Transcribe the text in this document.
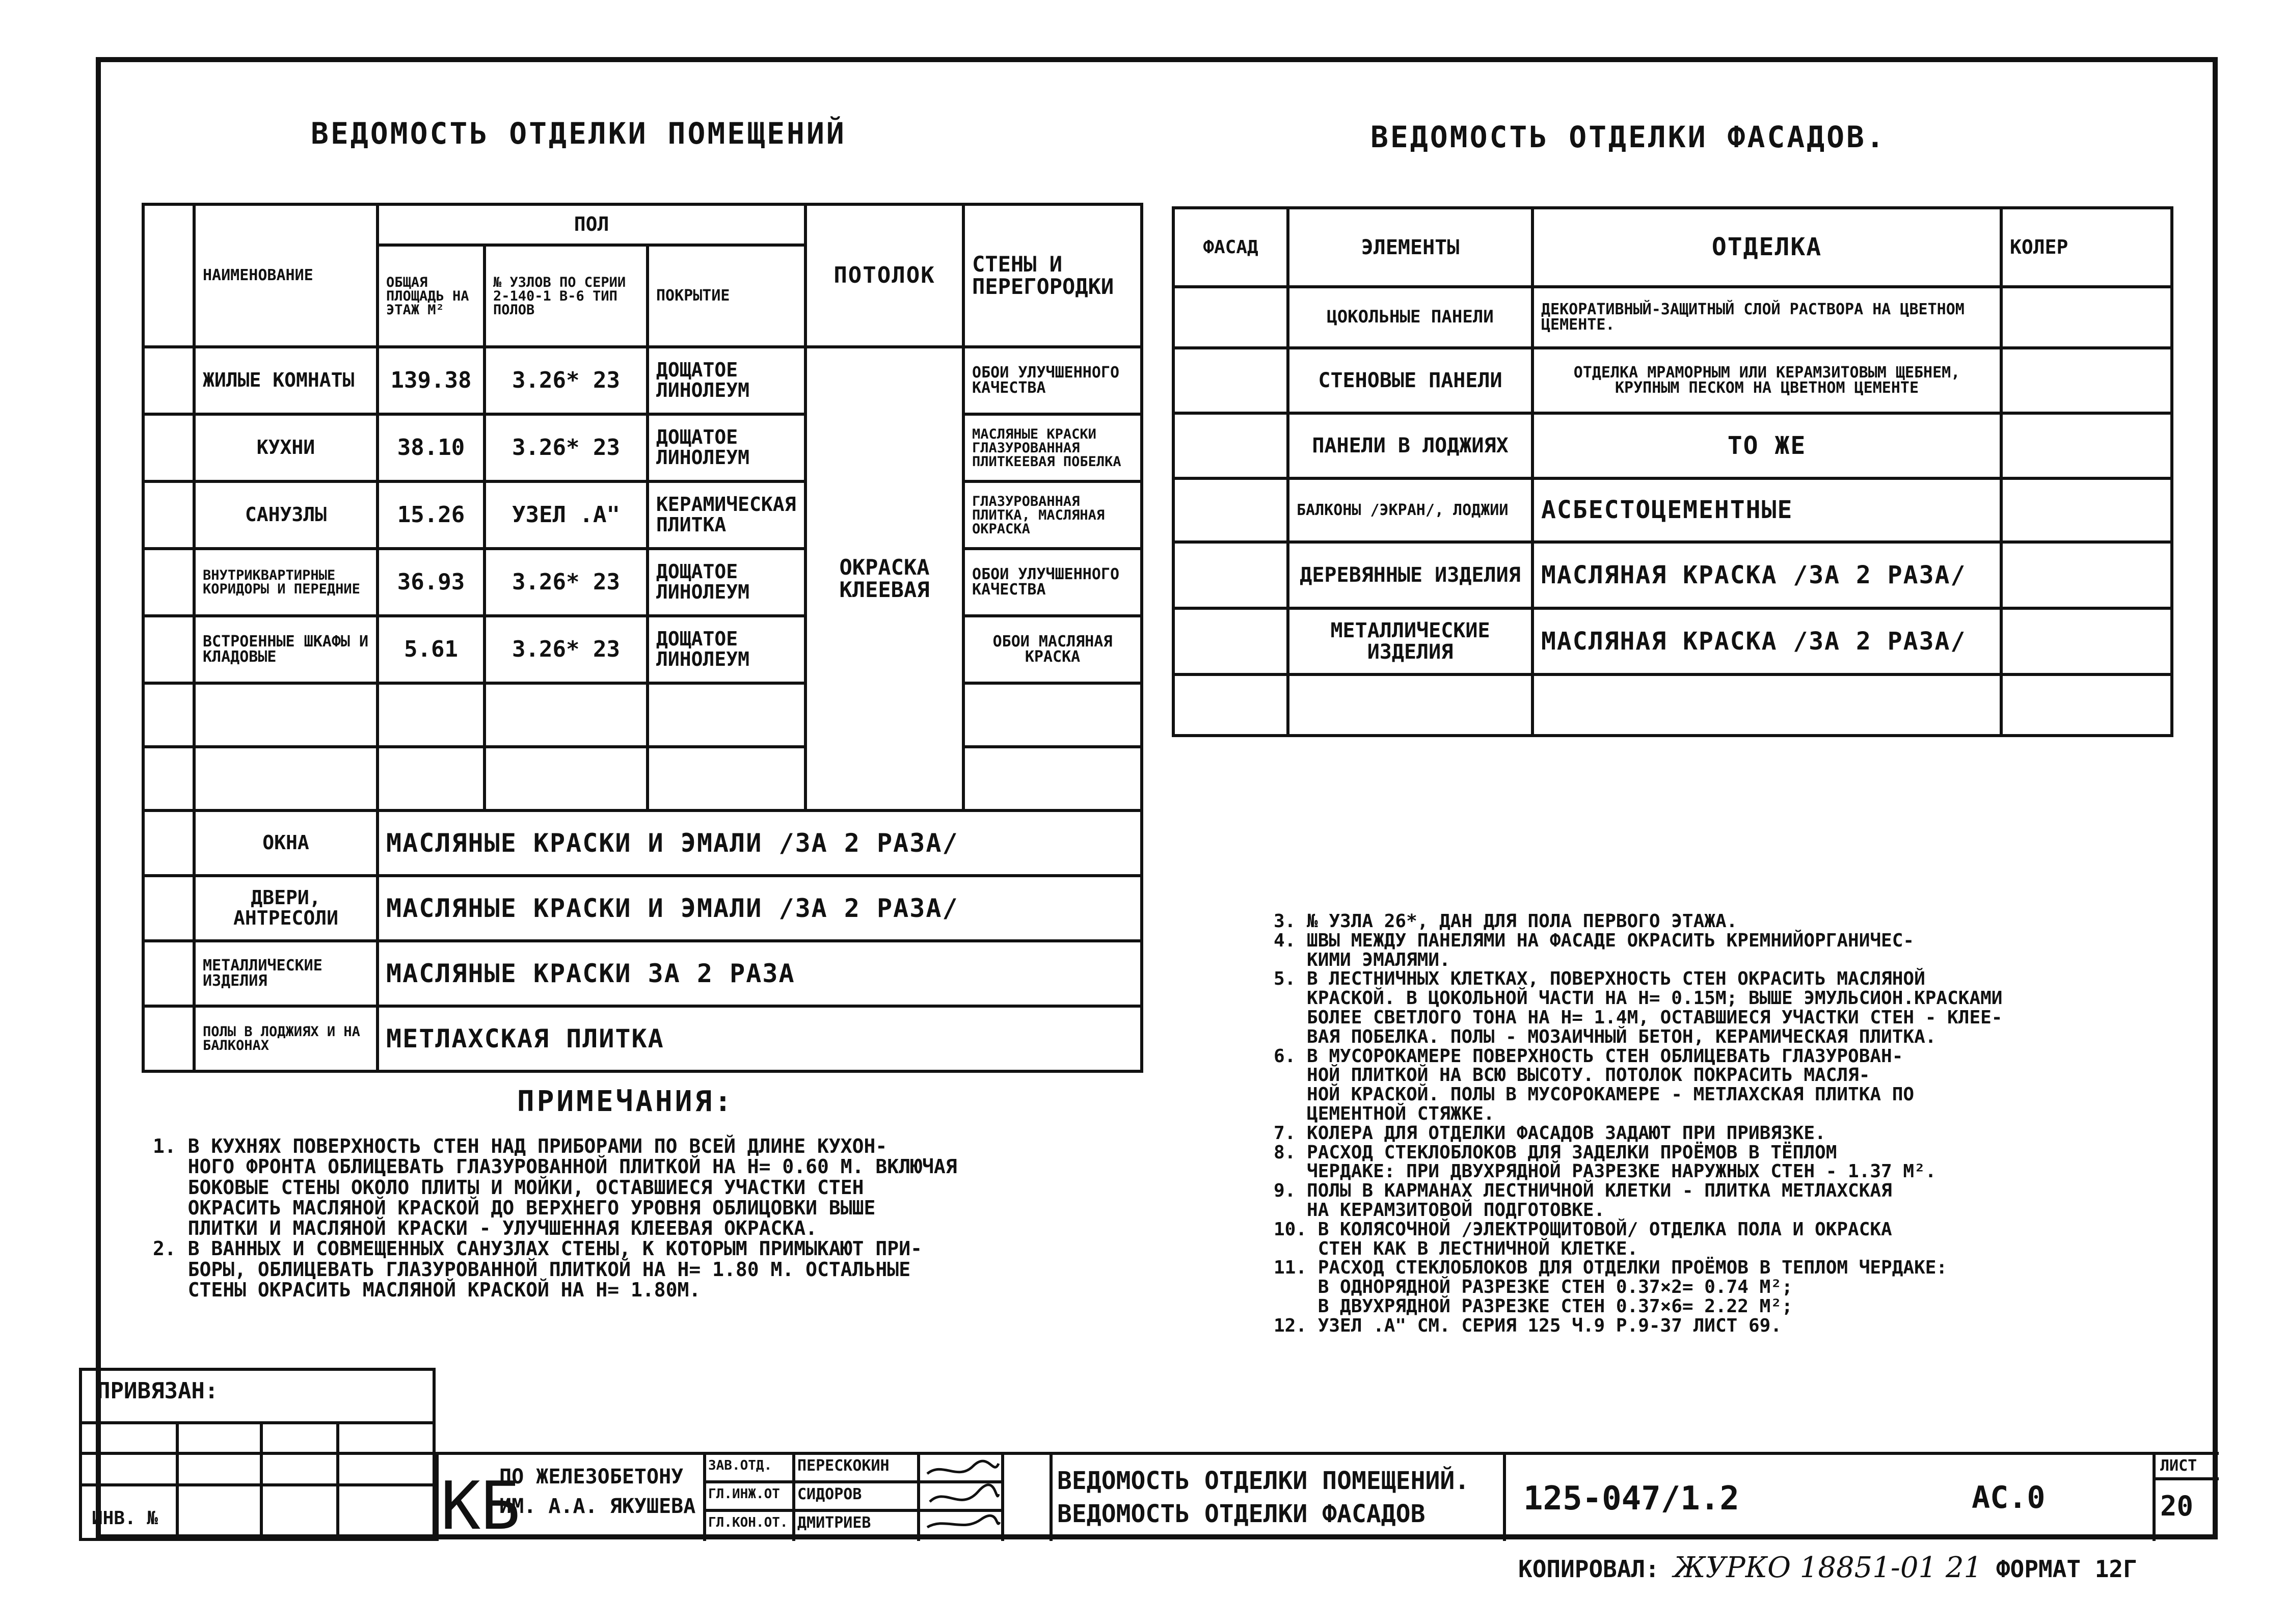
ВЕДОМОСТЬ ОТДЕЛКИ ПОМЕЩЕНИЙ	ВЕДОМОСТЬ ОТДЕЛКИ ФАСАДОВ.
	НАИМЕНОВАНИЕ	ПОЛ			ПОТОЛОК	СТЕНЫ И ПЕРЕГОРОДКИ
		ОБЩАЯ ПЛОЩАДЬ НА ЭТАЖ М²	№ УЗЛОВ ПО СЕРИИ 2-140-1 В-6 ТИП ПОЛОВ	ПОКРЫТИЕ		
	ЖИЛЫЕ КОМНАТЫ	139.38	3.26* 23	ДОЩАТОЕ ЛИНОЛЕУМ	ОКРАСКА КЛЕЕВАЯ	ОБОИ УЛУЧШЕННОГО КАЧЕСТВА
	КУХНИ	38.10	3.26* 23	ДОЩАТОЕ ЛИНОЛЕУМ		МАСЛЯНЫЕ КРАСКИ ГЛАЗУРОВАННАЯ ПЛИТКЕЕВАЯ ПОБЕЛКА
	САНУЗЛЫ	15.26	УЗЕЛ .А"	КЕРАМИЧЕСКАЯ ПЛИТКА		ГЛАЗУРОВАННАЯ ПЛИТКА, МАСЛЯНАЯ ОКРАСКА
	ВНУТРИКВАРТИРНЫЕ КОРИДОРЫ И ПЕРЕДНИЕ	36.93	3.26* 23	ДОЩАТОЕ ЛИНОЛЕУМ		ОБОИ УЛУЧШЕННОГО КАЧЕСТВА
	ВСТРОЕННЫЕ ШКАФЫ И КЛАДОВЫЕ	5.61	3.26* 23	ДОЩАТОЕ ЛИНОЛЕУМ		ОБОИ МАСЛЯНАЯ КРАСКА

	ОКНА	МАСЛЯНЫЕ КРАСКИ И ЭМАЛИ /ЗА 2 РАЗА/				
	ДВЕРИ, АНТРЕСОЛИ	МАСЛЯНЫЕ КРАСКИ И ЭМАЛИ /ЗА 2 РАЗА/				
	МЕТАЛЛИЧЕСКИЕ ИЗДЕЛИЯ	МАСЛЯНЫЕ КРАСКИ ЗА 2 РАЗА				
	ПОЛЫ В ЛОДЖИЯХ И НА БАЛКОНАХ	МЕТЛАХСКАЯ ПЛИТКА				
ФАСАД	ЭЛЕМЕНТЫ	ОТДЕЛКА	КОЛЕР
	ЦОКОЛЬНЫЕ ПАНЕЛИ	ДЕКОРАТИВНЫЙ-ЗАЩИТНЫЙ СЛОЙ РАСТВОРА НА ЦВЕТНОМ ЦЕМЕНТЕ.	
	СТЕНОВЫЕ ПАНЕЛИ	ОТДЕЛКА МРАМОРНЫМ ИЛИ КЕРАМЗИТОВЫМ ЩЕБНЕМ, КРУПНЫМ ПЕСКОМ НА ЦВЕТНОМ ЦЕМЕНТЕ	
	ПАНЕЛИ В ЛОДЖИЯХ	ТО ЖЕ	
	БАЛКОНЫ /ЭКРАН/, ЛОДЖИИ	АСБЕСТОЦЕМЕНТНЫЕ	
	ДЕРЕВЯННЫЕ ИЗДЕЛИЯ	МАСЛЯНАЯ КРАСКА /ЗА 2 РАЗА/	
	МЕТАЛЛИЧЕСКИЕ ИЗДЕЛИЯ	МАСЛЯНАЯ КРАСКА /ЗА 2 РАЗА/	

ПРИМЕЧАНИЯ:
1. В КУХНЯХ ПОВЕРХНОСТЬ СТЕН НАД ПРИБОРАМИ ПО ВСЕЙ ДЛИНЕ КУХОН-
НОГО ФРОНТА ОБЛИЦЕВАТЬ ГЛАЗУРОВАННОЙ ПЛИТКОЙ НА H= 0.60 М. ВКЛЮЧАЯ
БОКОВЫЕ СТЕНЫ ОКОЛО ПЛИТЫ И МОЙКИ, ОСТАВШИЕСЯ УЧАСТКИ СТЕН
ОКРАСИТЬ МАСЛЯНОЙ КРАСКОЙ ДО ВЕРХНЕГО УРОВНЯ ОБЛИЦОВКИ ВЫШЕ
ПЛИТКИ И МАСЛЯНОЙ КРАСКИ - УЛУЧШЕННАЯ КЛЕЕВАЯ ОКРАСКА.
2. В ВАННЫХ И СОВМЕЩЕННЫХ САНУЗЛАХ СТЕНЫ, К КОТОРЫМ ПРИМЫКАЮТ ПРИ-
БОРЫ, ОБЛИЦЕВАТЬ ГЛАЗУРОВАННОЙ ПЛИТКОЙ НА H= 1.80 М. ОСТАЛЬНЫЕ
СТЕНЫ ОКРАСИТЬ МАСЛЯНОЙ КРАСКОЙ НА H= 1.80М.
3. № УЗЛА 26*, ДАН ДЛЯ ПОЛА ПЕРВОГО ЭТАЖА.
4. ШВЫ МЕЖДУ ПАНЕЛЯМИ НА ФАСАДЕ ОКРАСИТЬ КРЕМНИЙОРГАНИЧЕС-
КИМИ ЭМАЛЯМИ.
5. В ЛЕСТНИЧНЫХ КЛЕТКАХ, ПОВЕРХНОСТЬ СТЕН ОКРАСИТЬ МАСЛЯНОЙ
КРАСКОЙ. В ЦОКОЛЬНОЙ ЧАСТИ НА H= 0.15М; ВЫШЕ ЭМУЛЬСИОН.КРАСКАМИ
БОЛЕЕ СВЕТЛОГО ТОНА НА H= 1.4М, ОСТАВШИЕСЯ УЧАСТКИ СТЕН - КЛЕЕ-
ВАЯ ПОБЕЛКА. ПОЛЫ - МОЗАИЧНЫЙ БЕТОН, КЕРАМИЧЕСКАЯ ПЛИТКА.
6. В МУСОРОКАМЕРЕ ПОВЕРХНОСТЬ СТЕН ОБЛИЦЕВАТЬ ГЛАЗУРОВАН-
НОЙ ПЛИТКОЙ НА ВСЮ ВЫСОТУ. ПОТОЛОК ПОКРАСИТЬ МАСЛЯ-
НОЙ КРАСКОЙ. ПОЛЫ В МУСОРОКАМЕРЕ - МЕТЛАХСКАЯ ПЛИТКА ПО
ЦЕМЕНТНОЙ СТЯЖКЕ.
7. КОЛЕРА ДЛЯ ОТДЕЛКИ ФАСАДОВ ЗАДАЮТ ПРИ ПРИВЯЗКЕ.
8. РАСХОД СТЕКЛОБЛОКОВ ДЛЯ ЗАДЕЛКИ ПРОЁМОВ В ТЁПЛОМ
ЧЕРДАКЕ: ПРИ ДВУХРЯДНОЙ РАЗРЕЗКЕ НАРУЖНЫХ СТЕН - 1.37 М².
9. ПОЛЫ В КАРМАНАХ ЛЕСТНИЧНОЙ КЛЕТКИ - ПЛИТКА МЕТЛАХСКАЯ
НА КЕРАМЗИТОВОЙ ПОДГОТОВКЕ.
10. В КОЛЯСОЧНОЙ /ЭЛЕКТРОЩИТОВОЙ/ ОТДЕЛКА ПОЛА И ОКРАСКА
СТЕН КАК В ЛЕСТНИЧНОЙ КЛЕТКЕ.
11. РАСХОД СТЕКЛОБЛОКОВ ДЛЯ ОТДЕЛКИ ПРОЁМОВ В ТЕПЛОМ ЧЕРДАКЕ:
В ОДНОРЯДНОЙ РАЗРЕЗКЕ СТЕН 0.37×2= 0.74 М²;
В ДВУХРЯДНОЙ РАЗРЕЗКЕ СТЕН 0.37×6= 2.22 М²;
12. УЗЕЛ .А" СМ. СЕРИЯ 125 Ч.9 Р.9-37 ЛИСТ 69.
ПРИВЯЗАН:
ИНВ. №	КБ
ПО ЖЕЛЕЗОБЕТОНУ
ИМ. А.А. ЯКУШЕВА
ЗАВ.ОТД.
ГЛ.ИНЖ.ОТ
ГЛ.КОН.ОТ.
ПЕРЕСКОКИН
СИДОРОВ
ДМИТРИЕВ
ВЕДОМОСТЬ ОТДЕЛКИ ПОМЕЩЕНИЙ.
ВЕДОМОСТЬ ОТДЕЛКИ ФАСАДОВ	125-047/1.2	АС.0
ЛИСТ
20
КОПИРОВАЛ: ЖУРКО 18851-01 21 ФОРМАТ 12Г
